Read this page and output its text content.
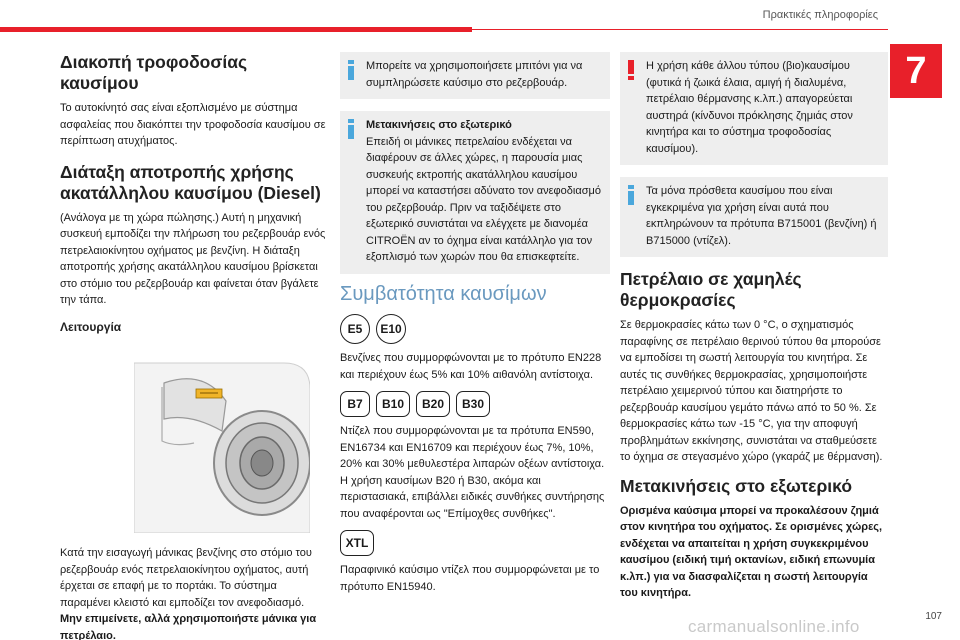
Πρακτικές πληροφορίες
7
Διακοπή τροφοδοσίας καυσίμου

Το αυτοκίνητό σας είναι εξοπλισμένο με σύστημα ασφαλείας που διακόπτει την τροφοδοσία καυσίμου σε περίπτωση ατυχήματος.

Διάταξη αποτροπής χρήσης ακατάλληλου καυσίμου (Diesel)

(Ανάλογα με τη χώρα πώλησης.) Αυτή η μηχανική συσκευή εμποδίζει την πλήρωση του ρεζερβουάρ ενός πετρελαιοκίνητου οχήματος με βενζίνη. Η διάταξη αποτροπής χρήσης ακατάλληλου καυσίμου βρίσκεται στο στόμιο του ρεζερβουάρ και φαίνεται όταν βγάλετε την τάπα.

Λειτουργία

Κατά την εισαγωγή μάνικας βενζίνης στο στόμιο του ρεζερβουάρ ενός πετρελαιοκίνητου οχήματος, αυτή έρχεται σε επαφή με το πορτάκι. Το σύστημα παραμένει κλειστό και εμποδίζει τον ανεφοδιασμό.

Μην επιμείνετε, αλλά χρησιμοποιήστε μάνικα για πετρέλαιο.

Μπορείτε να χρησιμοποιήσετε μπιτόνι για να συμπληρώσετε καύσιμο στο ρεζερβουάρ.

Μετακινήσεις στο εξωτερικό

Επειδή οι μάνικες πετρελαίου ενδέχεται να διαφέρουν σε άλλες χώρες, η παρουσία μιας συσκευής εκτροπής ακατάλληλου καυσίμου μπορεί να καταστήσει αδύνατο τον ανεφοδιασμό του ρεζερβουάρ. Πριν να ταξιδέψετε στο εξωτερικό συνιστάται να ελέγχετε με διανομέα CITROËN αν το όχημα είναι κατάλληλο για τον εξοπλισμό των χωρών που θα επισκεφτείτε.

Συμβατότητα καυσίμων
E5	E10

Βενζίνες που συμμορφώνονται με το πρότυπο EN228 και περιέχουν έως 5% και 10% αιθανόλη αντίστοιχα.

B7	B10	B20	B30

Ντίζελ που συμμορφώνονται με τα πρότυπα EN590, EN16734 και EN16709 και περιέχουν έως 7%, 10%, 20% και 30% μεθυλεστέρα λιπαρών οξέων αντίστοιχα. Η χρήση καυσίμων B20 ή B30, ακόμα και περιστασιακά, επιβάλλει ειδικές συνθήκες συντήρησης που αναφέρονται ως "Επίμοχθες συνθήκες".

XTL

Παραφινικό καύσιμο ντίζελ που συμμορφώνεται με το πρότυπο EN15940.

Η χρήση κάθε άλλου τύπου (βιο)καυσίμου (φυτικά ή ζωικά έλαια, αμιγή ή διαλυμένα, πετρέλαιο θέρμανσης κ.λπ.) απαγορεύεται αυστηρά (κίνδυνοι πρόκλησης ζημιάς στον κινητήρα και το σύστημα τροφοδοσίας καυσίμου).

Τα μόνα πρόσθετα καυσίμου που είναι εγκεκριμένα για χρήση είναι αυτά που εκπληρώνουν τα πρότυπα B715001 (βενζίνη) ή B715000 (ντίζελ).

Πετρέλαιο σε χαμηλές θερμοκρασίες

Σε θερμοκρασίες κάτω των 0 °C, ο σχηματισμός παραφίνης σε πετρέλαιο θερινού τύπου θα μπορούσε να εμποδίσει τη σωστή λειτουργία του κινητήρα. Σε αυτές τις συνθήκες θερμοκρασίας, χρησιμοποιήστε πετρέλαιο χειμερινού τύπου και διατηρήστε το ρεζερβουάρ καυσίμου γεμάτο πάνω από το 50 %. Σε θερμοκρασίες κάτω των -15 °C, για την αποφυγή προβλημάτων εκκίνησης, συνιστάται να σταθμεύσετε το όχημα σε στεγασμένο χώρο (γκαράζ με θέρμανση).

Μετακινήσεις στο εξωτερικό

Ορισμένα καύσιμα μπορεί να προκαλέσουν ζημιά στον κινητήρα του οχήματος. Σε ορισμένες χώρες, ενδέχεται να απαιτείται η χρήση συγκεκριμένου καυσίμου (ειδική τιμή οκτανίων, ειδική επωνυμία κ.λπ.) για να διασφαλίζεται η σωστή λειτουργία του κινητήρα.

carmanualsonline.info
107
